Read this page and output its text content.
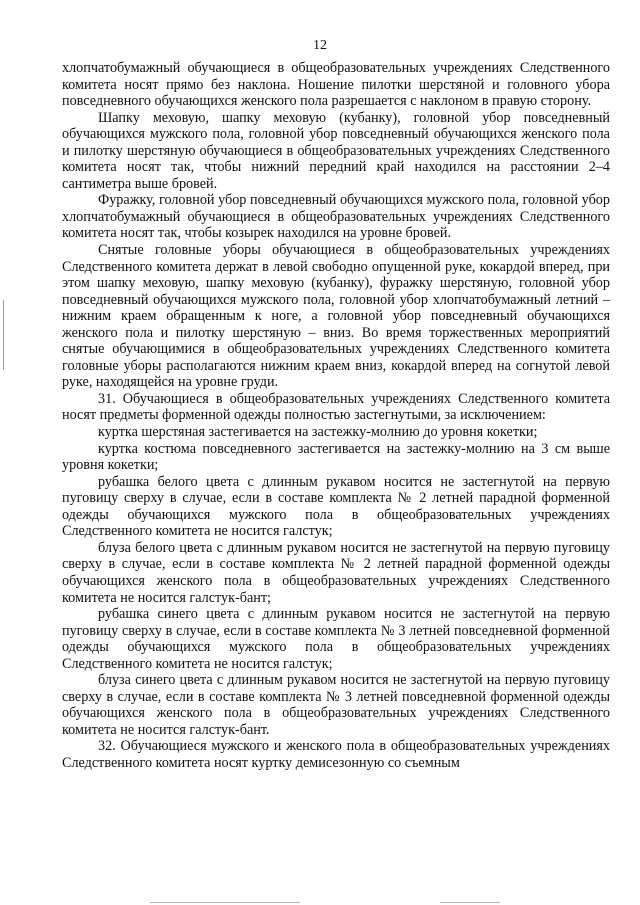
12

хлопчатобумажный обучающиеся в общеобразовательных учреждениях Следственного комитета носят прямо без наклона. Ношение пилотки шерстяной и головного убора повседневного обучающихся женского пола разрешается с наклоном в правую сторону.

Шапку меховую, шапку меховую (кубанку), головной убор повседневный обучающихся мужского пола, головной убор повседневный обучающихся женского пола и пилотку шерстяную обучающиеся в общеобразовательных учреждениях Следственного комитета носят так, чтобы нижний передний край находился на расстоянии 2–4 сантиметра выше бровей.

Фуражку, головной убор повседневный обучающихся мужского пола, головной убор хлопчатобумажный обучающиеся в общеобразовательных учреждениях Следственного комитета носят так, чтобы козырек находился на уровне бровей.

Снятые головные уборы обучающиеся в общеобразовательных учреждениях Следственного комитета держат в левой свободно опущенной руке, кокардой вперед, при этом шапку меховую, шапку меховую (кубанку), фуражку шерстяную, головной убор повседневный обучающихся мужского пола, головной убор хлопчатобумажный летний – нижним краем обращенным к ноге, а головной убор повседневный обучающихся женского пола и пилотку шерстяную – вниз. Во время торжественных мероприятий снятые обучающимися в общеобразовательных учреждениях Следственного комитета головные уборы располагаются нижним краем вниз, кокардой вперед на согнутой левой руке, находящейся на уровне груди.

31. Обучающиеся в общеобразовательных учреждениях Следственного комитета носят предметы форменной одежды полностью застегнутыми, за исключением:

куртка шерстяная застегивается на застежку-молнию до уровня кокетки;

куртка костюма повседневного застегивается на застежку-молнию на 3 см выше уровня кокетки;

рубашка белого цвета с длинным рукавом носится не застегнутой на первую пуговицу сверху в случае, если в составе комплекта № 2 летней парадной форменной одежды обучающихся мужского пола в общеобразовательных учреждениях Следственного комитета не носится галстук;

блуза белого цвета с длинным рукавом носится не застегнутой на первую пуговицу сверху в случае, если в составе комплекта № 2 летней парадной форменной одежды обучающихся женского пола в общеобразовательных учреждениях Следственного комитета не носится галстук-бант;

рубашка синего цвета с длинным рукавом носится не застегнутой на первую пуговицу сверху в случае, если в составе комплекта № 3 летней повседневной форменной одежды обучающихся мужского пола в общеобразовательных учреждениях Следственного комитета не носится галстук;

блуза синего цвета с длинным рукавом носится не застегнутой на первую пуговицу сверху в случае, если в составе комплекта № 3 летней повседневной форменной одежды обучающихся женского пола в общеобразовательных учреждениях Следственного комитета не носится галстук-бант.

32. Обучающиеся мужского и женского пола в общеобразовательных учреждениях Следственного комитета носят куртку демисезонную со съемным
